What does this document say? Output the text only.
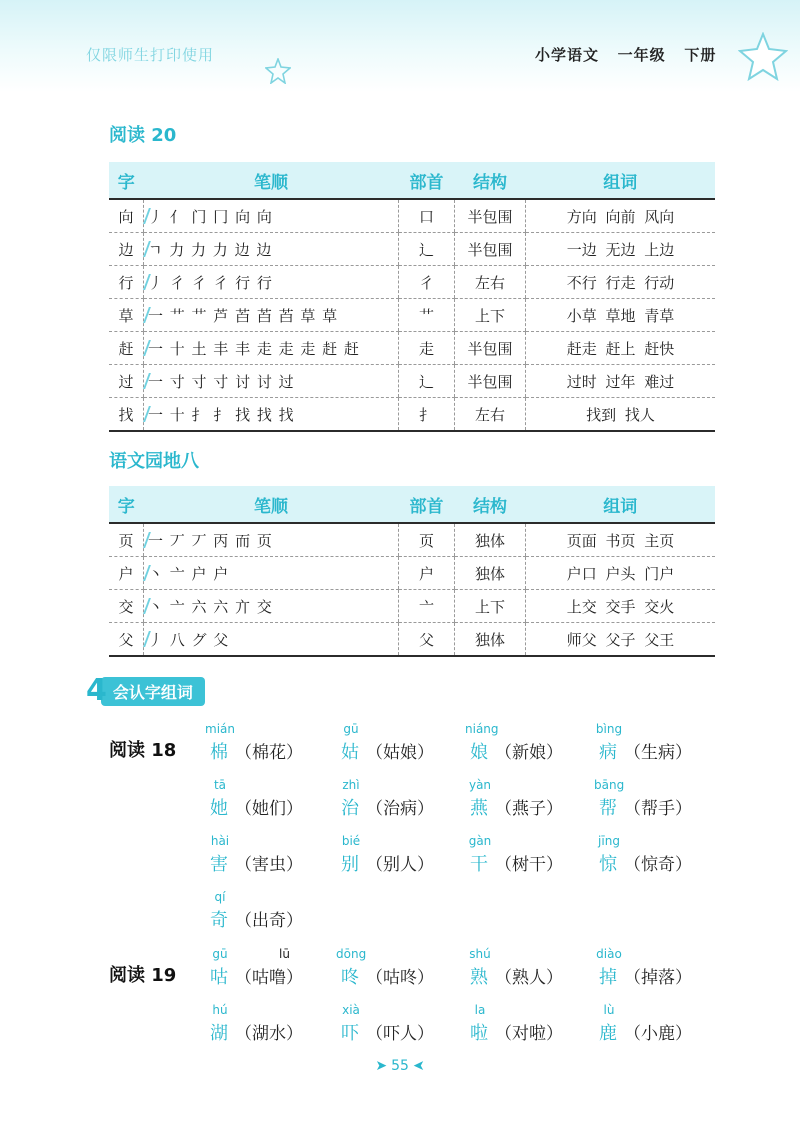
仅限师生打印使用	小学语文   一年级   下册
阅读 20
字	笔顺	部首	结构	组词
向	丿 亻 门 冂 向 向	口	半包围	方向 向前 风向
边	ㄱ 力 力 力 边 边	辶	半包围	一边 无边 上边
行	丿 彳 彳 彳 行 行	彳	左右	不行 行走 行动
草	一 艹 艹 芦 苩 苩 苩 草 草	艹	上下	小草 草地 青草
赶	一 十 土 丰 丰 走 走 走 赶 赶	走	半包围	赶走 赶上 赶快
过	一 寸 寸 寸 讨 讨 过	辶	半包围	过时 过年 难过
找	一 十 扌 扌 找 找 找	扌	左右	找到 找人
语文园地八
字	笔顺	部首	结构	组词
页	一 丆 丆 丙 而 页	页	独体	页面 书页 主页
户	丶 亠 户 户	户	独体	户口 户头 门户
交	丶 亠 六 六 亣 交	亠	上下	上交 交手 交火
父	丿 八 グ 父	父	独体	师父 父子 父王
4 会认字组词
阅读 18
mián
棉 （棉花）
gū
姑 （姑娘）
niáng
娘 （新娘）
bìng
病 （生病）
tā
她 （她们）
zhì
治 （治病）
yàn
燕 （燕子）
bāng
帮 （帮手）
hài
害 （害虫）
bié
别 （别人）
gàn
干 （树干）
jīng
惊 （惊奇）
qí
奇 （出奇）
阅读 19
gū	lū
咕 （咕噜）
dōng
咚 （咕咚）
shú
熟 （熟人）
diào
掉 （掉落）
hú
湖 （湖水）
xià
吓 （吓人）
la
啦 （对啦）
lù
鹿 （小鹿）
➤ 55 ➤
